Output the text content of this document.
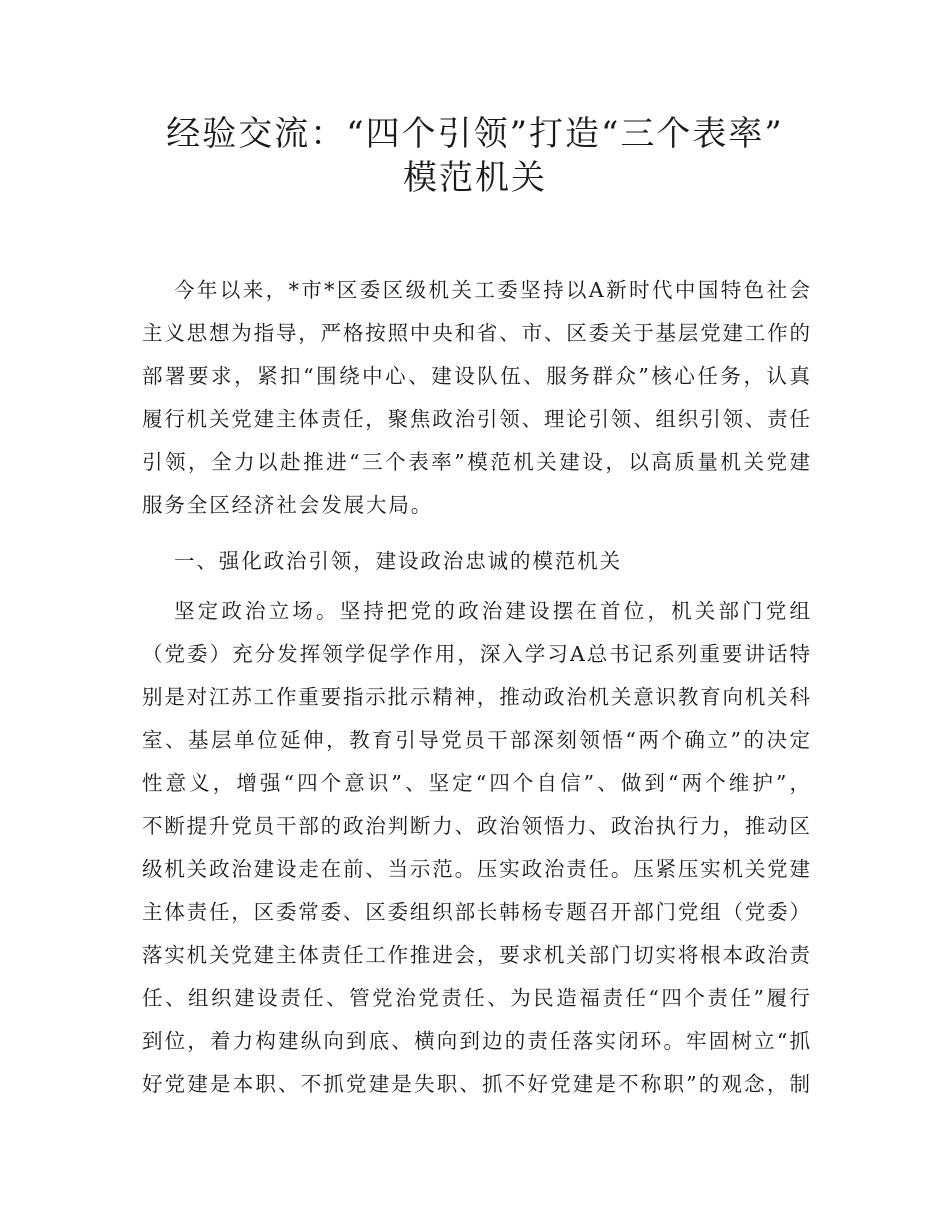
经验交流：“四个引领”打造“三个表率”
模范机关
今年以来，*市*区委区级机关工委坚持以A新时代中国特色社会
主义思想为指导，严格按照中央和省、市、区委关于基层党建工作的
部署要求，紧扣“围绕中心、建设队伍、服务群众”核心任务，认真
履行机关党建主体责任，聚焦政治引领、理论引领、组织引领、责任
引领，全力以赴推进“三个表率”模范机关建设，以高质量机关党建
服务全区经济社会发展大局。
一、强化政治引领，建设政治忠诚的模范机关
坚定政治立场。坚持把党的政治建设摆在首位，机关部门党组
（党委）充分发挥领学促学作用，深入学习A总书记系列重要讲话特
别是对江苏工作重要指示批示精神，推动政治机关意识教育向机关科
室、基层单位延伸，教育引导党员干部深刻领悟“两个确立”的决定
性意义，增强“四个意识”、坚定“四个自信”、做到“两个维护”，
不断提升党员干部的政治判断力、政治领悟力、政治执行力，推动区
级机关政治建设走在前、当示范。压实政治责任。压紧压实机关党建
主体责任，区委常委、区委组织部长韩杨专题召开部门党组（党委）
落实机关党建主体责任工作推进会，要求机关部门切实将根本政治责
任、组织建设责任、管党治党责任、为民造福责任“四个责任”履行
到位，着力构建纵向到底、横向到边的责任落实闭环。牢固树立“抓
好党建是本职、不抓党建是失职、抓不好党建是不称职”的观念，制
